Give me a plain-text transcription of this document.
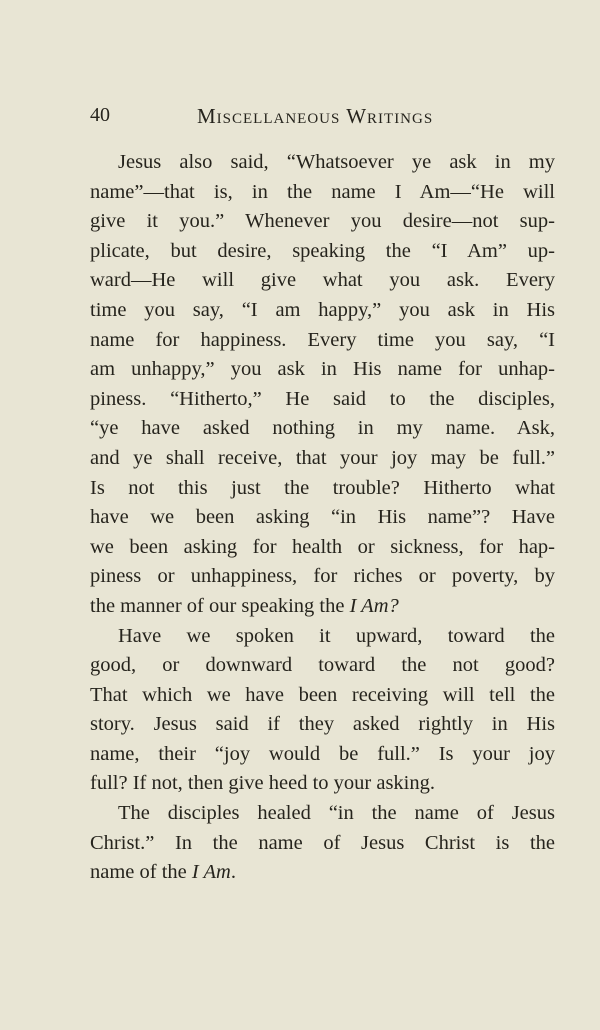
40	Miscellaneous Writings
Jesus also said, “Whatsoever ye ask in my
name”—that is, in the name I Am—“He will
give it you.” Whenever you desire—not sup-
plicate, but desire, speaking the “I Am” up-
ward—He will give what you ask. Every
time you say, “I am happy,” you ask in His
name for happiness. Every time you say, “I
am unhappy,” you ask in His name for unhap-
piness. “Hitherto,” He said to the disciples,
“ye have asked nothing in my name. Ask,
and ye shall receive, that your joy may be full.”
Is not this just the trouble? Hitherto what
have we been asking “in His name”? Have
we been asking for health or sickness, for hap-
piness or unhappiness, for riches or poverty, by
the manner of our speaking the I Am?
Have we spoken it upward, toward the
good, or downward toward the not good?
That which we have been receiving will tell the
story. Jesus said if they asked rightly in His
name, their “joy would be full.” Is your joy
full? If not, then give heed to your asking.
The disciples healed “in the name of Jesus
Christ.” In the name of Jesus Christ is the
name of the I Am.
